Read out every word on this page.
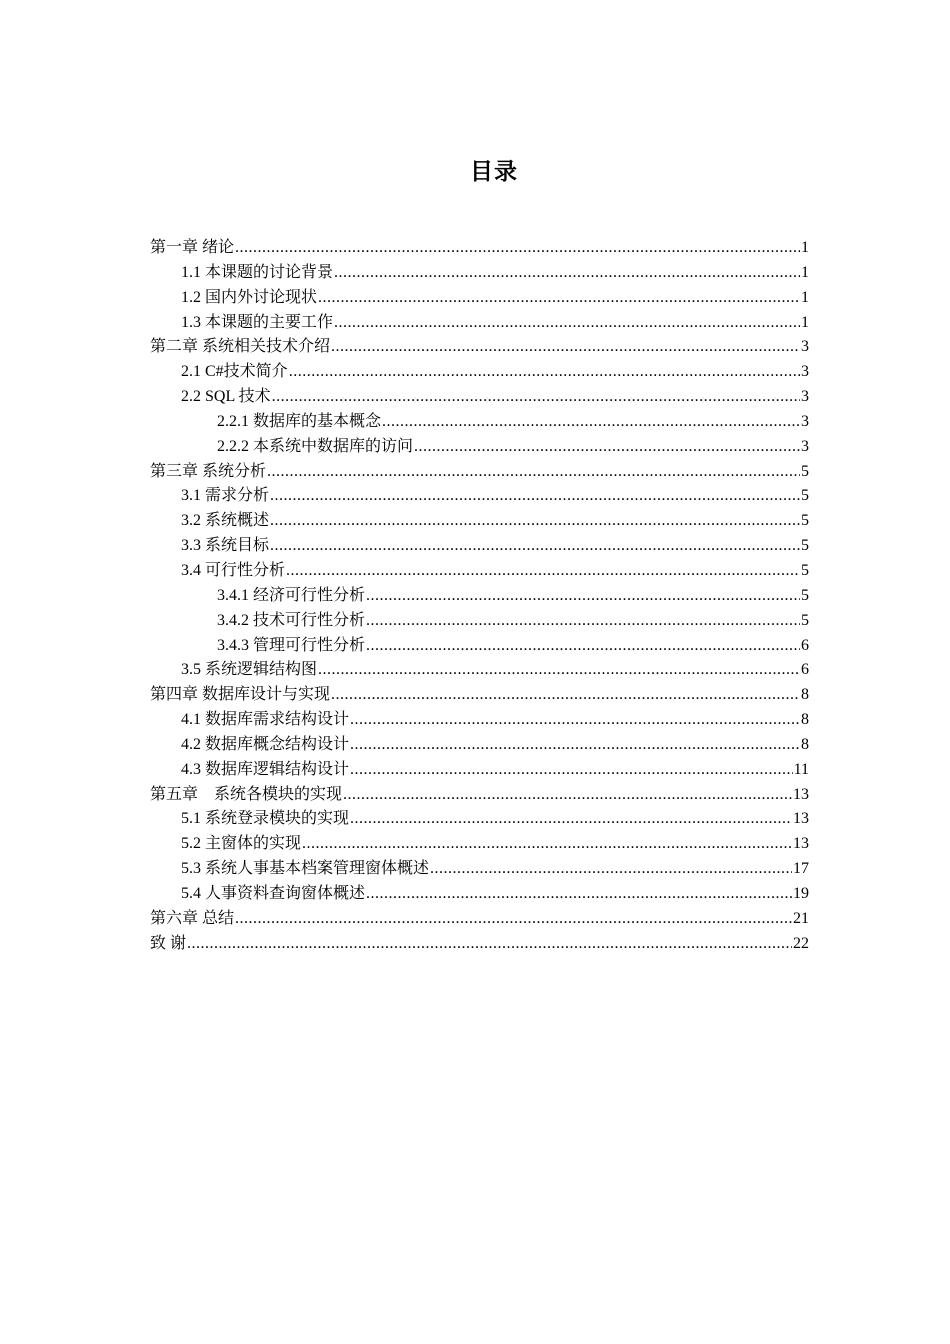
目录
第一章 绪论 .....	1
1.1 本课题的讨论背景 .....	1
1.2 国内外讨论现状 .....	1
1.3 本课题的主要工作 .....	1
第二章 系统相关技术介绍 .....	3
2.1 C#技术简介 .....	3
2.2 SQL 技术 .....	3
2.2.1 数据库的基本概念 .....	3
2.2.2 本系统中数据库的访问 .....	3
第三章 系统分析 .....	5
3.1 需求分析 .....	5
3.2 系统概述 .....	5
3.3 系统目标 .....	5
3.4 可行性分析 .....	5
3.4.1 经济可行性分析 .....	5
3.4.2 技术可行性分析 .....	5
3.4.3 管理可行性分析 .....	6
3.5 系统逻辑结构图 .....	6
第四章 数据库设计与实现 .....	8
4.1 数据库需求结构设计 .....	8
4.2 数据库概念结构设计 .....	8
4.3 数据库逻辑结构设计 .....	11
第五章　系统各模块的实现 .....	13
5.1 系统登录模块的实现 .....	13
5.2 主窗体的实现 .....	13
5.3 系统人事基本档案管理窗体概述 .....	17
5.4 人事资料查询窗体概述 .....	19
第六章 总结 .....	21
致 谢 .....	22
